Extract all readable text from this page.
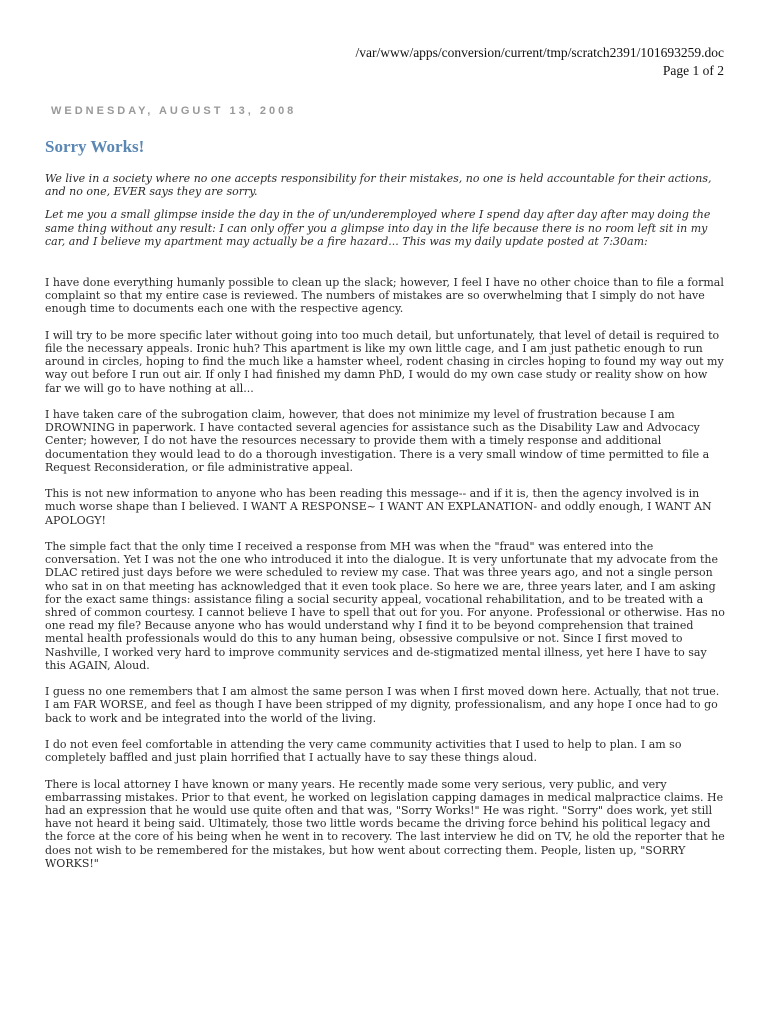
/var/www/apps/conversion/current/tmp/scratch2391/101693259.doc
Page 1 of 2
WEDNESDAY, AUGUST 13, 2008
Sorry Works!

We live in a society where no one accepts responsibility for their mistakes, no one is held accountable for their actions, and no one, EVER says they are sorry.

Let me you a small glimpse inside the day in the of un/underemployed where I spend day after day after may doing the same thing without any result: I can only offer you a glimpse into day in the life because there is no room left sit in my car, and I believe my apartment may actually be a fire hazard... This was my daily update posted at 7:30am:

I have done everything humanly possible to clean up the slack; however, I feel I have no other choice than to file a formal complaint so that my entire case is reviewed. The numbers of mistakes are so overwhelming that I simply do not have enough time to documents each one with the respective agency.

I will try to be more specific later without going into too much detail, but unfortunately, that level of detail is required to file the necessary appeals. Ironic huh? This apartment is like my own little cage, and I am just pathetic enough to run around in circles, hoping to find the much like a hamster wheel, rodent chasing in circles hoping to found my way out my way out before I run out air. If only I had finished my damn PhD, I would do my own case study or reality show on how far we will go to have nothing at all...

I have taken care of the subrogation claim, however, that does not minimize my level of frustration because I am DROWNING in paperwork. I have contacted several agencies for assistance such as the Disability Law and Advocacy Center; however, I do not have the resources necessary to provide them with a timely response and additional documentation they would lead to do a thorough investigation. There is a very small window of time permitted to file a Request Reconsideration, or file administrative appeal.

This is not new information to anyone who has been reading this message-- and if it is, then the agency involved is in much worse shape than I believed. I WANT A RESPONSE~ I WANT AN EXPLANATION- and oddly enough, I WANT AN APOLOGY!

The simple fact that the only time I received a response from MH was when the "fraud" was entered into the conversation. Yet I was not the one who introduced it into the dialogue. It is very unfortunate that my advocate from the DLAC retired just days before we were scheduled to review my case. That was three years ago, and not a single person who sat in on that meeting has acknowledged that it even took place. So here we are, three years later, and I am asking for the exact same things: assistance filing a social security appeal, vocational rehabilitation, and to be treated with a shred of common courtesy. I cannot believe I have to spell that out for you. For anyone. Professional or otherwise. Has no one read my file? Because anyone who has would understand why I find it to be beyond comprehension that trained mental health professionals would do this to any human being, obsessive compulsive or not. Since I first moved to Nashville, I worked very hard to improve community services and de-stigmatized mental illness, yet here I have to say this AGAIN, Aloud.

I guess no one remembers that I am almost the same person I was when I first moved down here. Actually, that not true. I am FAR WORSE, and feel as though I have been stripped of my dignity, professionalism, and any hope I once had to go back to work and be integrated into the world of the living.

I do not even feel comfortable in attending the very came community activities that I used to help to plan. I am so completely baffled and just plain horrified that I actually have to say these things aloud.

There is local attorney I have known or many years. He recently made some very serious, very public, and very embarrassing mistakes. Prior to that event, he worked on legislation capping damages in medical malpractice claims. He had an expression that he would use quite often and that was, "Sorry Works!" He was right. "Sorry" does work, yet still have not heard it being said. Ultimately, those two little words became the driving force behind his political legacy and the force at the core of his being when he went in to recovery. The last interview he did on TV, he old the reporter that he does not wish to be remembered for the mistakes, but how went about correcting them. People, listen up, "SORRY WORKS!"
